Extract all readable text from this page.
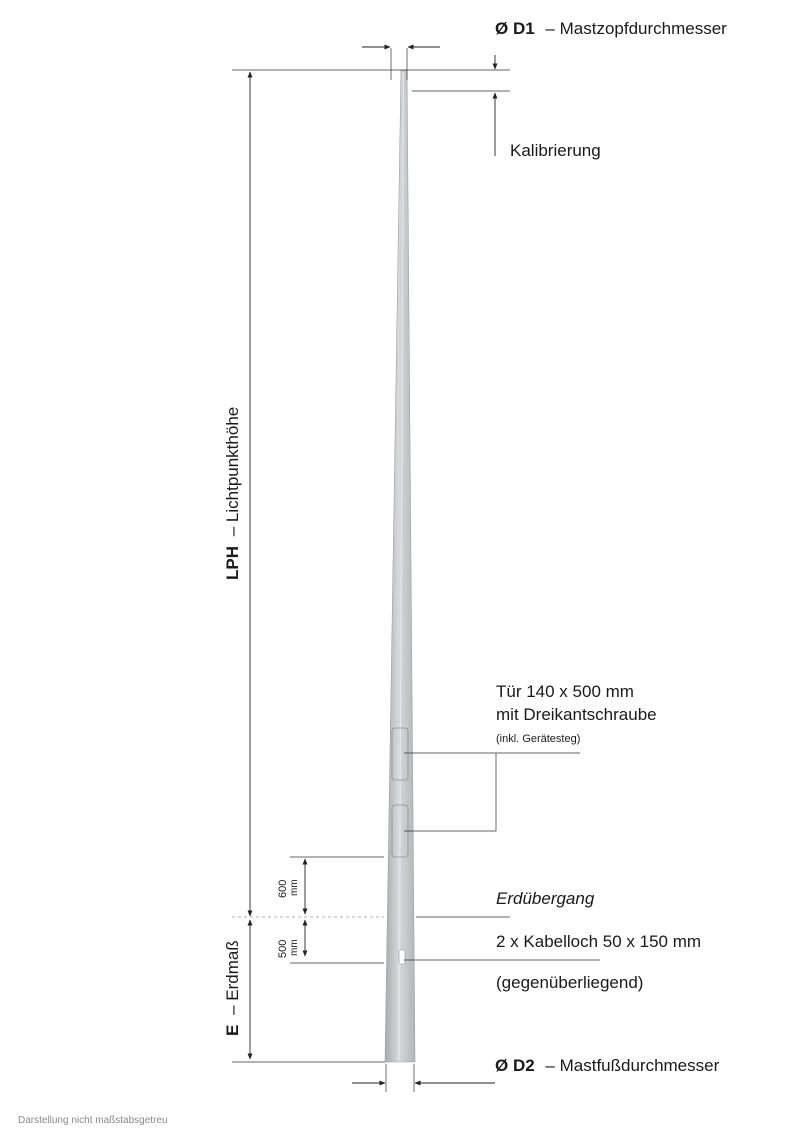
Ø D1 – Mastzopfdurchmesser
Kalibrierung
LPH – Lichtpunkthöhe
Tür 140 x 500 mm
mit Dreikantschraube
(inkl. Gerätesteg)
600 mm
Erdübergang
500 mm	2 x Kabelloch 50 x 150 mm
(gegenüberliegend)
E – Erdmaß
Ø D2 – Mastfußdurchmesser
Darstellung nicht maßstabsgetreu
